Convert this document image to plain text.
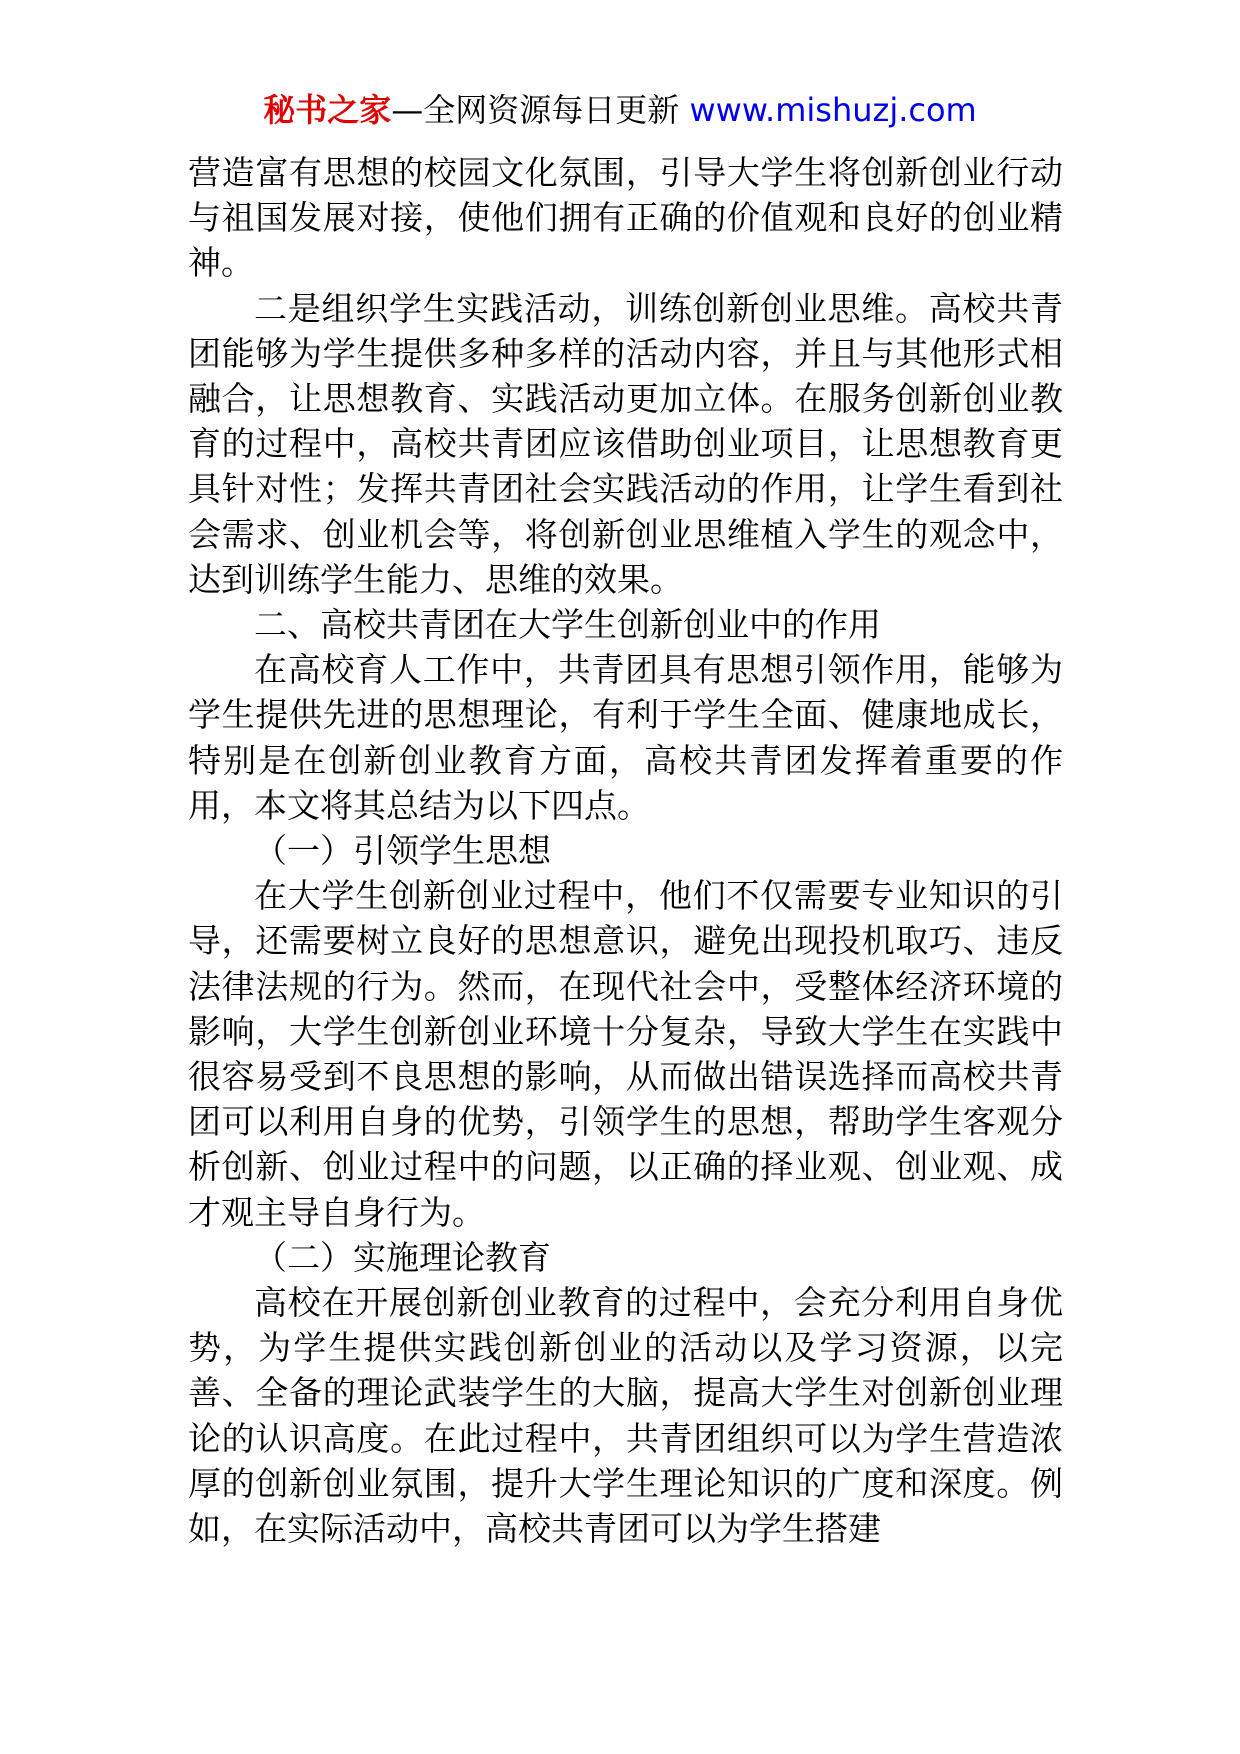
秘书之家—全网资源每日更新 www.mishuzj.com

营造富有思想的校园文化氛围，引导大学生将创新创业行动与祖国发展对接，使他们拥有正确的价值观和良好的创业精神。

二是组织学生实践活动，训练创新创业思维。高校共青团能够为学生提供多种多样的活动内容，并且与其他形式相融合，让思想教育、实践活动更加立体。在服务创新创业教育的过程中，高校共青团应该借助创业项目，让思想教育更具针对性；发挥共青团社会实践活动的作用，让学生看到社会需求、创业机会等，将创新创业思维植入学生的观念中，达到训练学生能力、思维的效果。

二、高校共青团在大学生创新创业中的作用

在高校育人工作中，共青团具有思想引领作用，能够为学生提供先进的思想理论，有利于学生全面、健康地成长，特别是在创新创业教育方面，高校共青团发挥着重要的作用，本文将其总结为以下四点。

（一）引领学生思想

在大学生创新创业过程中，他们不仅需要专业知识的引导，还需要树立良好的思想意识，避免出现投机取巧、违反法律法规的行为。然而，在现代社会中，受整体经济环境的影响，大学生创新创业环境十分复杂，导致大学生在实践中很容易受到不良思想的影响，从而做出错误选择而高校共青团可以利用自身的优势，引领学生的思想，帮助学生客观分析创新、创业过程中的问题，以正确的择业观、创业观、成才观主导自身行为。

（二）实施理论教育

高校在开展创新创业教育的过程中，会充分利用自身优势，为学生提供实践创新创业的活动以及学习资源，以完善、全备的理论武装学生的大脑，提高大学生对创新创业理论的认识高度。在此过程中，共青团组织可以为学生营造浓厚的创新创业氛围，提升大学生理论知识的广度和深度。例如，在实际活动中，高校共青团可以为学生搭建
